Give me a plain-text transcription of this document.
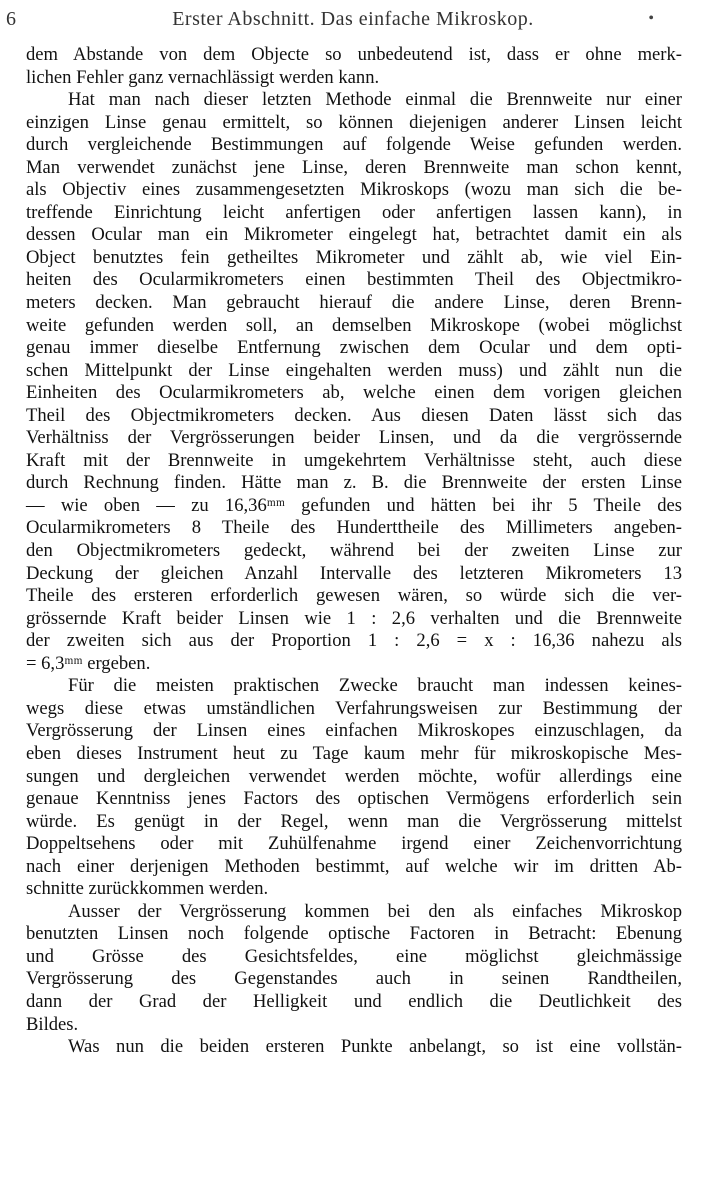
6	Erster Abschnitt. Das einfache Mikroskop.	•
dem Abstande von dem Objecte so unbedeutend ist, dass er ohne merk-
lichen Fehler ganz vernachlässigt werden kann.
Hat man nach dieser letzten Methode einmal die Brennweite nur einer
einzigen Linse genau ermittelt, so können diejenigen anderer Linsen leicht
durch vergleichende Bestimmungen auf folgende Weise gefunden werden.
Man verwendet zunächst jene Linse, deren Brennweite man schon kennt,
als Objectiv eines zusammengesetzten Mikroskops (wozu man sich die be-
treffende Einrichtung leicht anfertigen oder anfertigen lassen kann), in
dessen Ocular man ein Mikrometer eingelegt hat, betrachtet damit ein als
Object benutztes fein getheiltes Mikrometer und zählt ab, wie viel Ein-
heiten des Ocularmikrometers einen bestimmten Theil des Objectmikro-
meters decken. Man gebraucht hierauf die andere Linse, deren Brenn-
weite gefunden werden soll, an demselben Mikroskope (wobei möglichst
genau immer dieselbe Entfernung zwischen dem Ocular und dem opti-
schen Mittelpunkt der Linse eingehalten werden muss) und zählt nun die
Einheiten des Ocularmikrometers ab, welche einen dem vorigen gleichen
Theil des Objectmikrometers decken. Aus diesen Daten lässt sich das
Verhältniss der Vergrösserungen beider Linsen, und da die vergrössernde
Kraft mit der Brennweite in umgekehrtem Verhältnisse steht, auch diese
durch Rechnung finden. Hätte man z. B. die Brennweite der ersten Linse
— wie oben — zu 16,36ᵐᵐ gefunden und hätten bei ihr 5 Theile des
Ocularmikrometers 8 Theile des Hunderttheile des Millimeters angeben-
den Objectmikrometers gedeckt, während bei der zweiten Linse zur
Deckung der gleichen Anzahl Intervalle des letzteren Mikrometers 13
Theile des ersteren erforderlich gewesen wären, so würde sich die ver-
grössernde Kraft beider Linsen wie 1 : 2,6 verhalten und die Brennweite
der zweiten sich aus der Proportion 1 : 2,6 = x : 16,36 nahezu als
= 6,3ᵐᵐ ergeben.
Für die meisten praktischen Zwecke braucht man indessen keines-
wegs diese etwas umständlichen Verfahrungsweisen zur Bestimmung der
Vergrösserung der Linsen eines einfachen Mikroskopes einzuschlagen, da
eben dieses Instrument heut zu Tage kaum mehr für mikroskopische Mes-
sungen und dergleichen verwendet werden möchte, wofür allerdings eine
genaue Kenntniss jenes Factors des optischen Vermögens erforderlich sein
würde. Es genügt in der Regel, wenn man die Vergrösserung mittelst
Doppeltsehens oder mit Zuhülfenahme irgend einer Zeichenvorrichtung
nach einer derjenigen Methoden bestimmt, auf welche wir im dritten Ab-
schnitte zurückkommen werden.
Ausser der Vergrösserung kommen bei den als einfaches Mikroskop
benutzten Linsen noch folgende optische Factoren in Betracht: Ebenung
und Grösse des Gesichtsfeldes, eine möglichst gleichmässige
Vergrösserung des Gegenstandes auch in seinen Randtheilen,
dann der Grad der Helligkeit und endlich die Deutlichkeit des
Bildes.
Was nun die beiden ersteren Punkte anbelangt, so ist eine vollstän-
